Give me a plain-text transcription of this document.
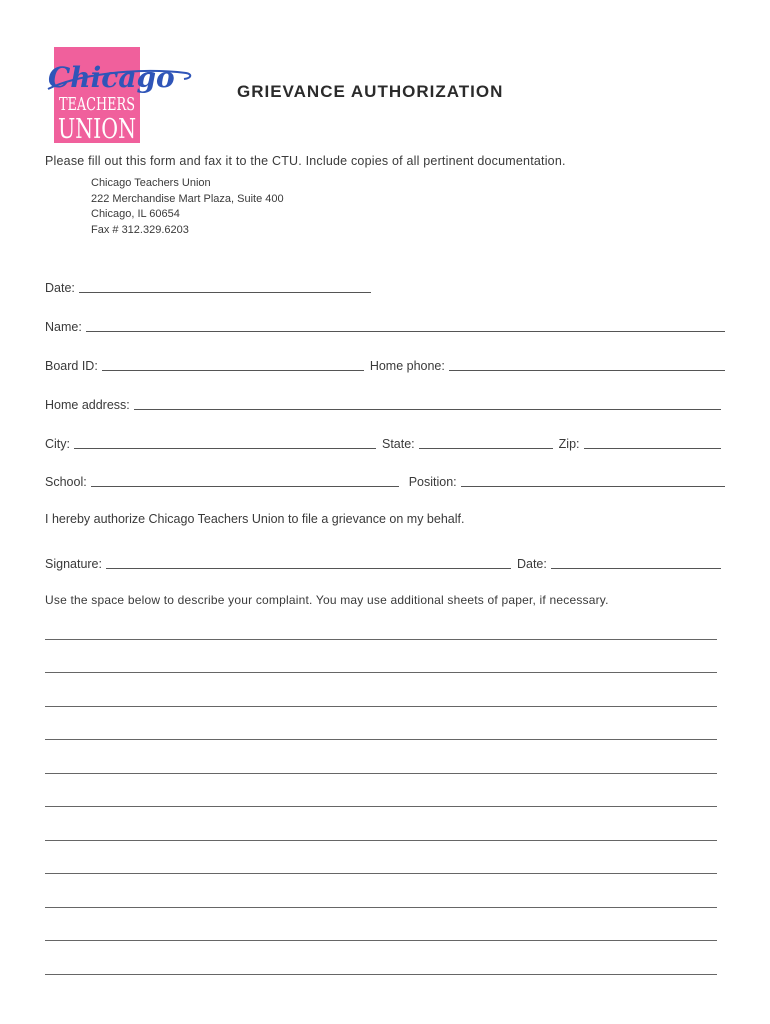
Chicago
TEACHERS
UNION
GRIEVANCE AUTHORIZATION
Please fill out this form and fax it to the CTU. Include copies of all pertinent documentation.
Chicago Teachers Union
222 Merchandise Mart Plaza, Suite 400
Chicago, IL 60654
Fax # 312.329.6203
Date:
Name:
Board ID:	Home phone:
Home address:
City:	State:	Zip:
School:	Position:
I hereby authorize Chicago Teachers Union to file a grievance on my behalf.
Signature:	Date:
Use the space below to describe your complaint. You may use additional sheets of paper, if necessary.
